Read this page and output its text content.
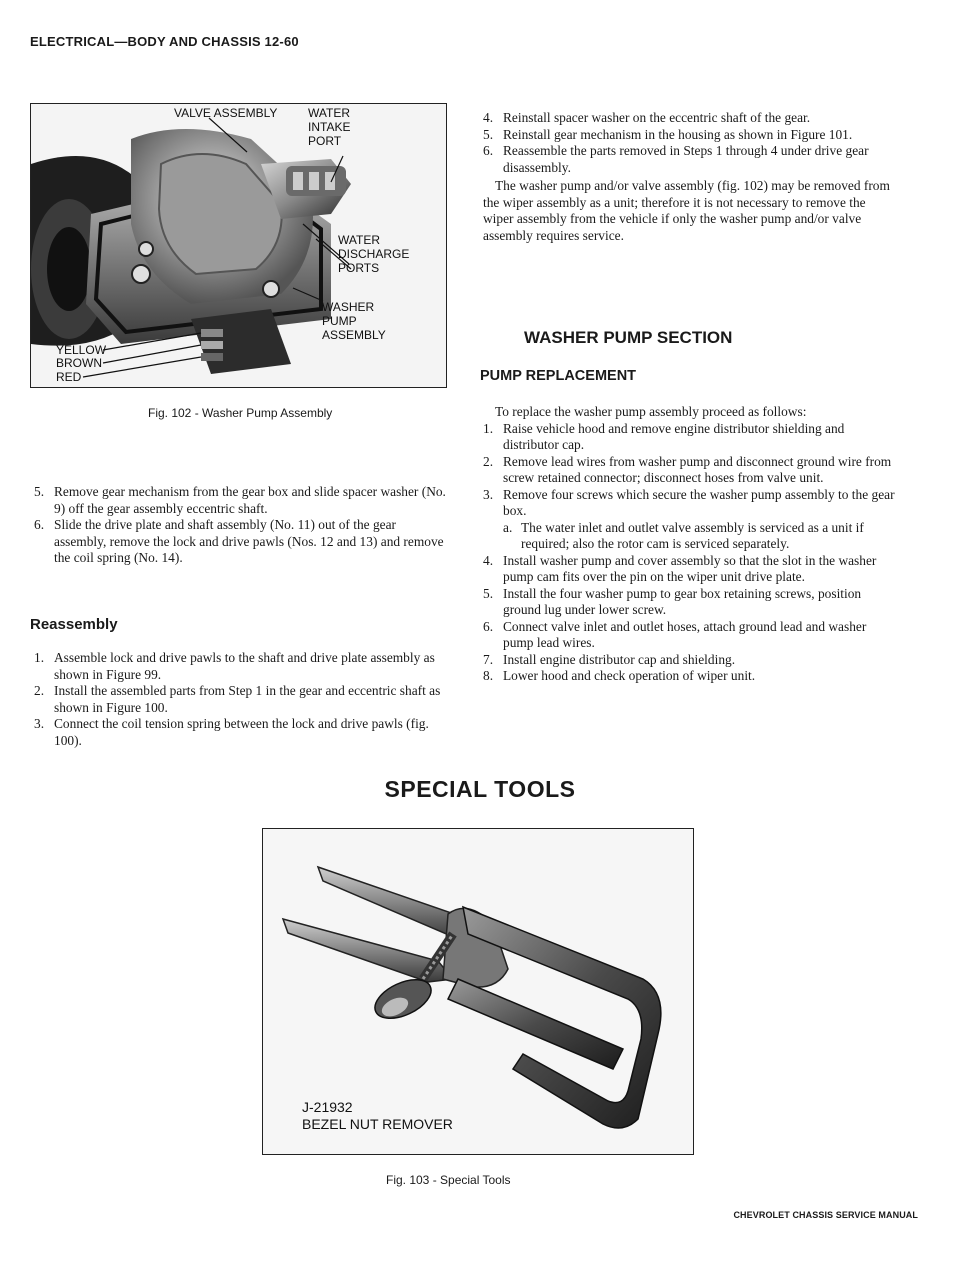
ELECTRICAL—BODY AND CHASSIS 12-60
VALVE ASSEMBLY	WATER
INTAKE
PORT
WATER
DISCHARGE
PORTS
WASHER
PUMP
ASSEMBLY
YELLOW
BROWN
RED
Fig. 102 - Washer Pump Assembly
5. Remove gear mechanism from the gear box and slide spacer washer (No. 9) off the gear assembly eccentric shaft.
6. Slide the drive plate and shaft assembly (No. 11) out of the gear assembly, remove the lock and drive pawls (Nos. 12 and 13) and remove the coil spring (No. 14).
Reassembly
1. Assemble lock and drive pawls to the shaft and drive plate assembly as shown in Figure 99.
2. Install the assembled parts from Step 1 in the gear and eccentric shaft as shown in Figure 100.
3. Connect the coil tension spring between the lock and drive pawls (fig. 100).
4. Reinstall spacer washer on the eccentric shaft of the gear.
5. Reinstall gear mechanism in the housing as shown in Figure 101.
6. Reassemble the parts removed in Steps 1 through 4 under drive gear disassembly.

The washer pump and/or valve assembly (fig. 102) may be removed from the wiper assembly as a unit; therefore it is not necessary to remove the wiper assembly from the vehicle if only the washer pump and/or valve assembly requires service.

WASHER PUMP SECTION
PUMP REPLACEMENT

To replace the washer pump assembly proceed as follows:

1. Raise vehicle hood and remove engine distributor shielding and distributor cap.
2. Remove lead wires from washer pump and disconnect ground wire from screw retained connector; disconnect hoses from valve unit.
3. Remove four screws which secure the washer pump assembly to the gear box.
a. The water inlet and outlet valve assembly is serviced as a unit if required; also the rotor cam is serviced separately.
4. Install washer pump and cover assembly so that the slot in the washer pump cam fits over the pin on the wiper unit drive plate.
5. Install the four washer pump to gear box retaining screws, position ground lug under lower screw.
6. Connect valve inlet and outlet hoses, attach ground lead and washer pump lead wires.
7. Install engine distributor cap and shielding.
8. Lower hood and check operation of wiper unit.
SPECIAL TOOLS
J-21932
BEZEL NUT REMOVER
Fig. 103 - Special Tools
CHEVROLET CHASSIS SERVICE MANUAL
